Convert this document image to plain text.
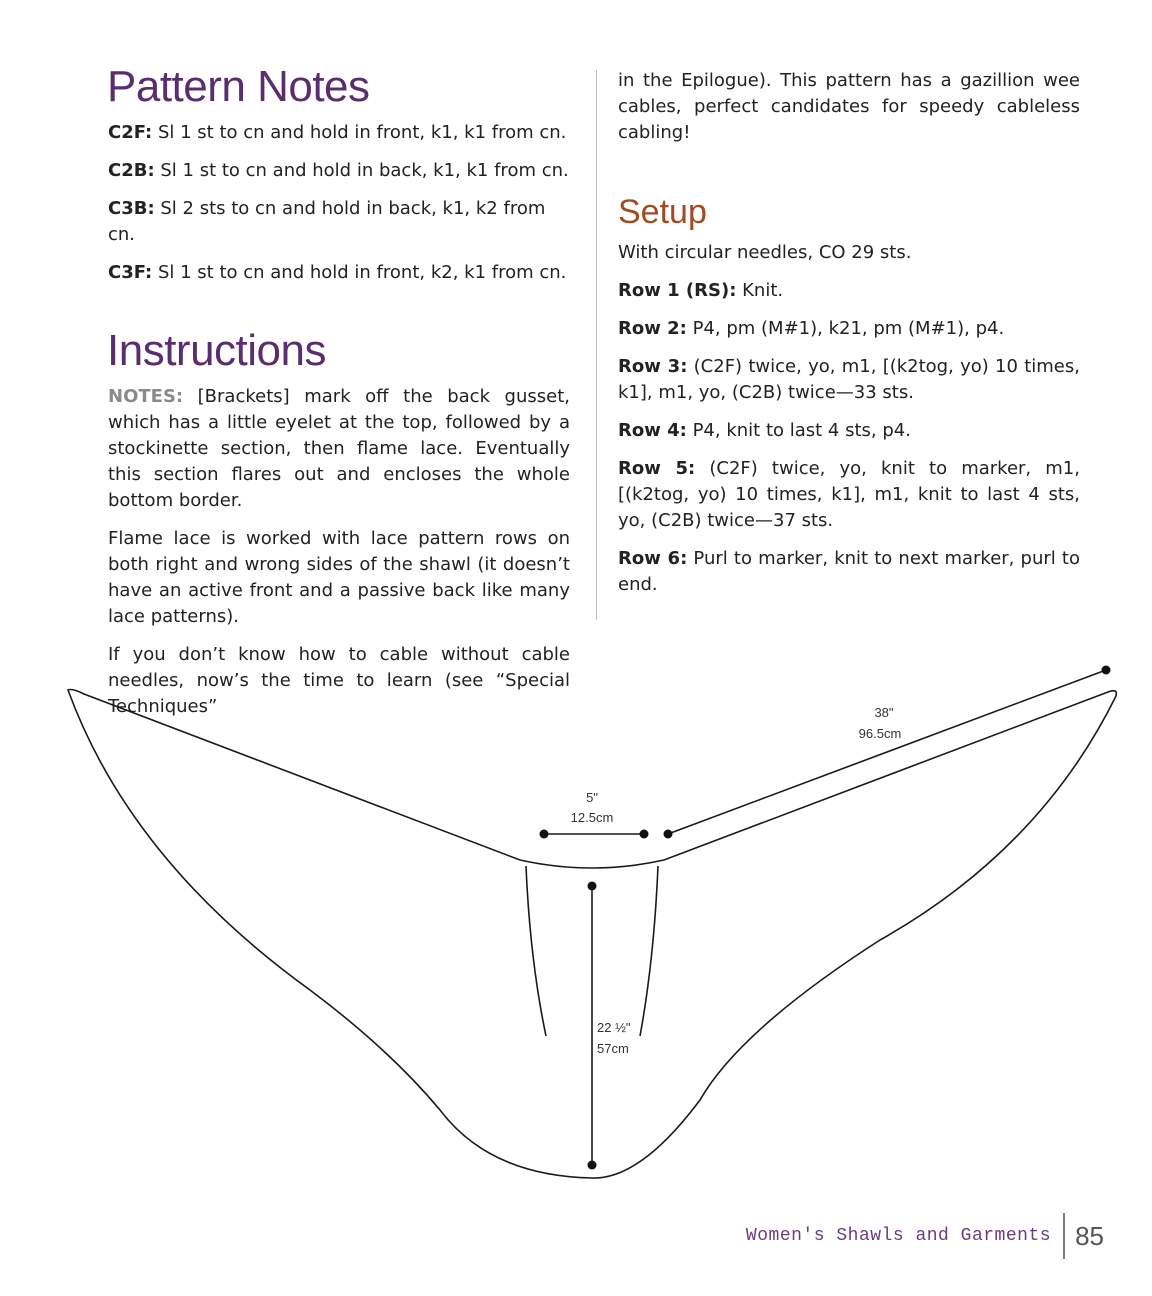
Pattern Notes

C2F: Sl 1 st to cn and hold in front, k1, k1 from cn.

C2B: Sl 1 st to cn and hold in back, k1, k1 from cn.

C3B: Sl 2 sts to cn and hold in back, k1, k2 from cn.

C3F: Sl 1 st to cn and hold in front, k2, k1 from cn.

Instructions

NOTES: [Brackets] mark off the back gusset, which has a little eyelet at the top, followed by a stockinette section, then flame lace. Eventually this section flares out and encloses the whole bottom border.

Flame lace is worked with lace pattern rows on both right and wrong sides of the shawl (it doesn’t have an active front and a passive back like many lace patterns).

If you don’t know how to cable without cable needles, now’s the time to learn (see “Special Techniques”

in the Epilogue). This pattern has a gazillion wee cables, perfect candidates for speedy cableless cabling!

Setup

With circular needles, CO 29 sts.

Row 1 (RS): Knit.

Row 2: P4, pm (M#1), k21, pm (M#1), p4.

Row 3: (C2F) twice, yo, m1, [(k2tog, yo) 10 times, k1], m1, yo, (C2B) twice—33 sts.

Row 4: P4, knit to last 4 sts, p4.

Row 5: (C2F) twice, yo, knit to marker, m1, [(k2tog, yo) 10 times, k1], m1, knit to last 4 sts, yo, (C2B) twice—37 sts.

Row 6: Purl to marker, knit to next marker, purl to end.

38"
96.5cm
5"
12.5cm
22 ½"
57cm
Women's Shawls and Garments 85
